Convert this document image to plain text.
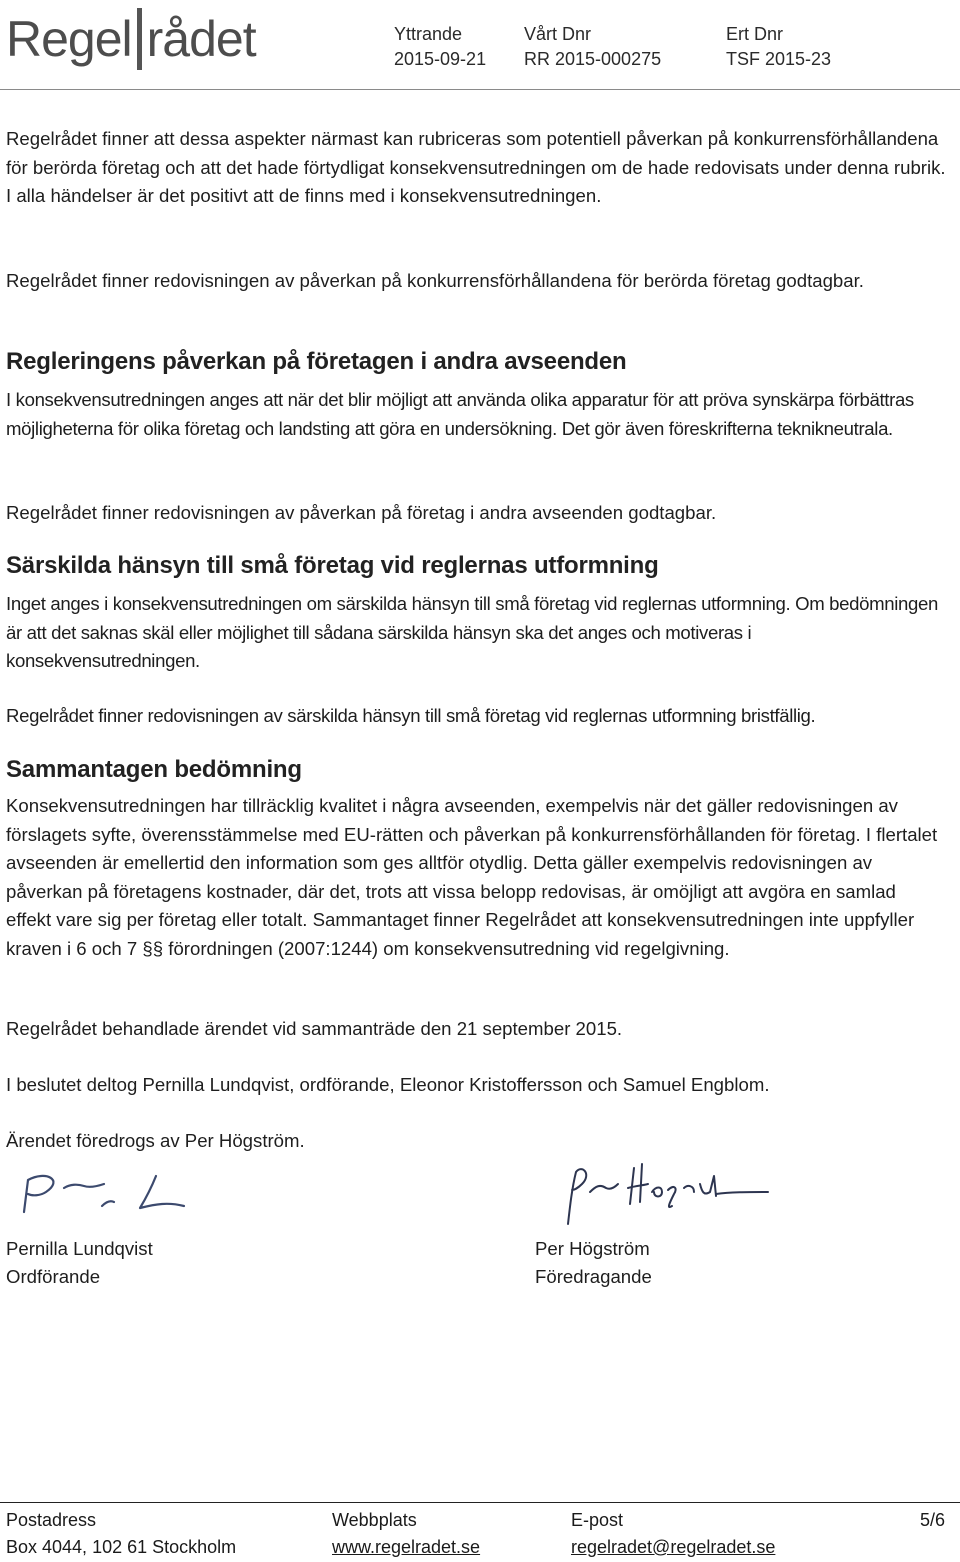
Regel rådet	Yttrande
2015-09-21
Vårt Dnr
RR 2015-000275
Ert Dnr
TSF 2015-23

Regelrådet finner att dessa aspekter närmast kan rubriceras som potentiell påverkan på konkurrensförhållandena för berörda företag och att det hade förtydligat konsekvensutredningen om de hade redovisats under denna rubrik. I alla händelser är det positivt att de finns med i konsekvensutredningen.

Regelrådet finner redovisningen av påverkan på konkurrensförhållandena för berörda företag godtagbar.

Regleringens påverkan på företagen i andra avseenden

I konsekvensutredningen anges att när det blir möjligt att använda olika apparatur för att pröva synskärpa förbättras möjligheterna för olika företag och landsting att göra en undersökning. Det gör även föreskrifterna teknikneutrala.

Regelrådet finner redovisningen av påverkan på företag i andra avseenden godtagbar.

Särskilda hänsyn till små företag vid reglernas utformning

Inget anges i konsekvensutredningen om särskilda hänsyn till små företag vid reglernas utformning. Om bedömningen är att det saknas skäl eller möjlighet till sådana särskilda hänsyn ska det anges och motiveras i konsekvensutredningen.

Regelrådet finner redovisningen av särskilda hänsyn till små företag vid reglernas utformning bristfällig.

Sammantagen bedömning

Konsekvensutredningen har tillräcklig kvalitet i några avseenden, exempelvis när det gäller redovisningen av förslagets syfte, överensstämmelse med EU-rätten och påverkan på konkurrensförhållanden för företag. I flertalet avseenden är emellertid den information som ges alltför otydlig. Detta gäller exempelvis redovisningen av påverkan på företagens kostnader, där det, trots att vissa belopp redovisas, är omöjligt att avgöra en samlad effekt vare sig per företag eller totalt. Sammantaget finner Regelrådet att konsekvensutredningen inte uppfyller kraven i 6 och 7 §§ förordningen (2007:1244) om konsekvensutredning vid regelgivning.

Regelrådet behandlade ärendet vid sammanträde den 21 september 2015.

I beslutet deltog Pernilla Lundqvist, ordförande, Eleonor Kristoffersson och Samuel Engblom.

Ärendet föredrogs av Per Högström.

Pernilla Lundqvist
Ordförande
Per Högström
Föredragande
Postadress
Box 4044, 102 61 Stockholm
Webbplats
www.regelradet.se
E-post
regelradet@regelradet.se
5/6
